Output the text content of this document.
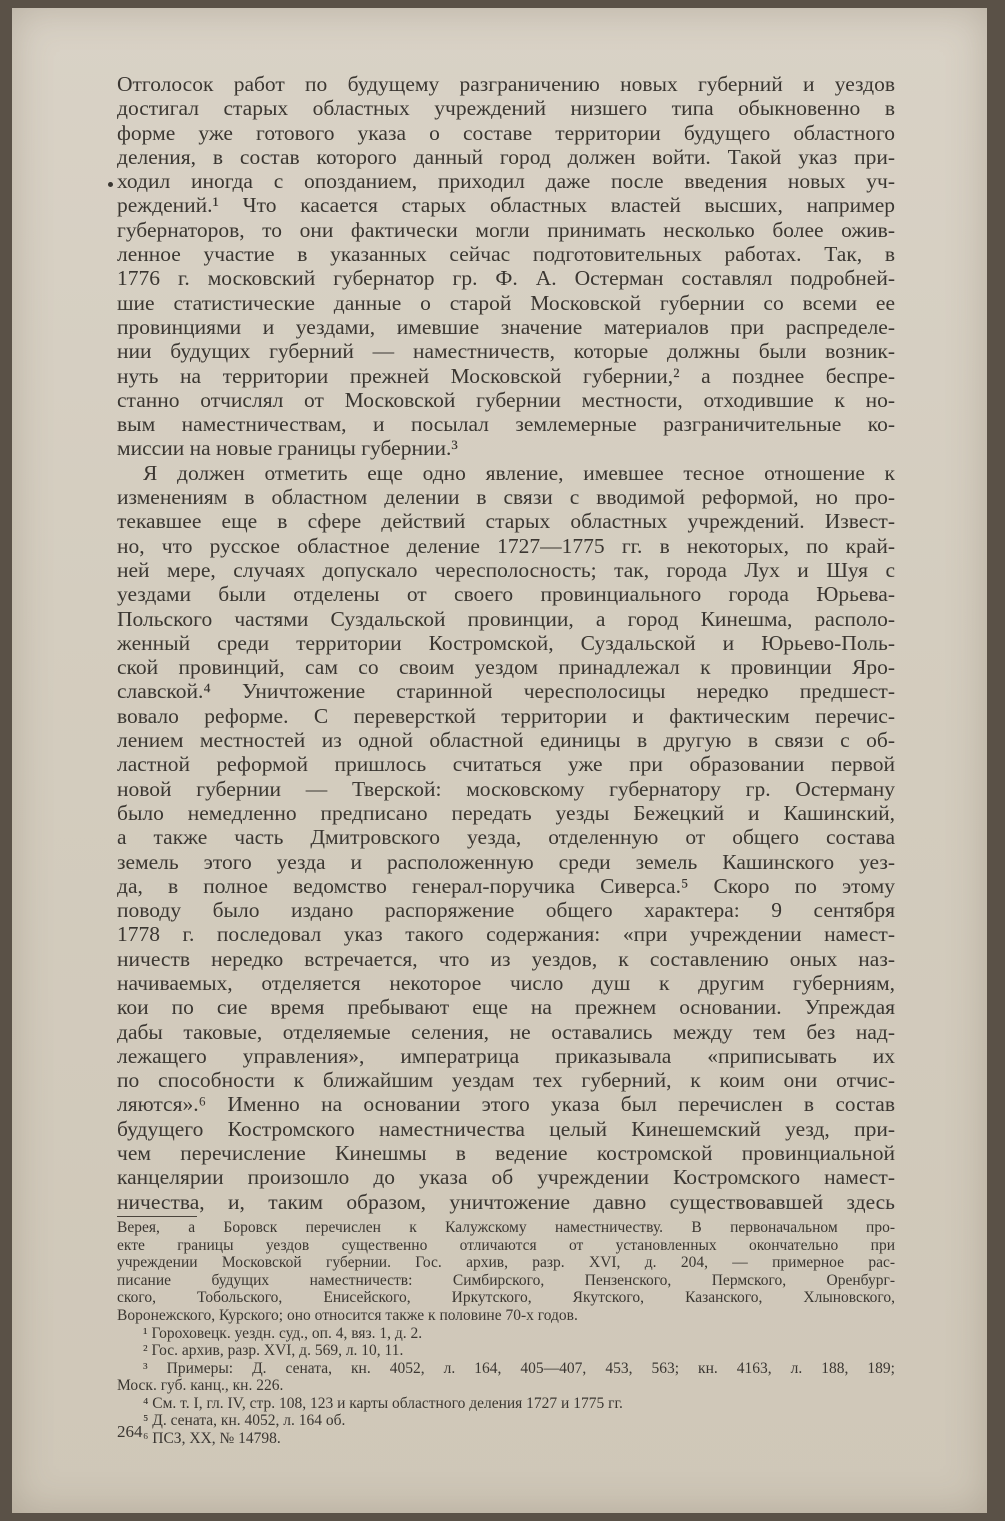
Отголосок работ по будущему разграничению новых губерний и уездов
достигал старых областных учреждений низшего типа обыкновенно в
форме уже готового указа о составе территории будущего областного
деления, в состав которого данный город должен войти. Такой указ при-
ходил иногда с опозданием, приходил даже после введения новых уч-
реждений.¹ Что касается старых областных властей высших, например
губернаторов, то они фактически могли принимать несколько более ожив-
ленное участие в указанных сейчас подготовительных работах. Так, в
1776 г. московский губернатор гр. Ф. А. Остерман составлял подробней-
шие статистические данные о старой Московской губернии со всеми ее
провинциями и уездами, имевшие значение материалов при распределе-
нии будущих губерний — наместничеств, которые должны были возник-
нуть на территории прежней Московской губернии,² а позднее беспре-
станно отчислял от Московской губернии местности, отходившие к но-
вым наместничествам, и посылал землемерные разграничительные ко-
миссии на новые границы губернии.³
Я должен отметить еще одно явление, имевшее тесное отношение к
изменениям в областном делении в связи с вводимой реформой, но про-
текавшее еще в сфере действий старых областных учреждений. Извест-
но, что русское областное деление 1727—1775 гг. в некоторых, по край-
ней мере, случаях допускало чересполосность; так, города Лух и Шуя с
уездами были отделены от своего провинциального города Юрьева-
Польского частями Суздальской провинции, а город Кинешма, располо-
женный среди территории Костромской, Суздальской и Юрьево-Поль-
ской провинций, сам со своим уездом принадлежал к провинции Яро-
славской.⁴ Уничтожение старинной чересполосицы нередко предшест-
вовало реформе. С переверсткой территории и фактическим перечис-
лением местностей из одной областной единицы в другую в связи с об-
ластной реформой пришлось считаться уже при образовании первой
новой губернии — Тверской: московскому губернатору гр. Остерману
было немедленно предписано передать уезды Бежецкий и Кашинский,
а также часть Дмитровского уезда, отделенную от общего состава
земель этого уезда и расположенную среди земель Кашинского уез-
да, в полное ведомство генерал-поручика Сиверса.⁵ Скоро по этому
поводу было издано распоряжение общего характера: 9 сентября
1778 г. последовал указ такого содержания: «при учреждении намест-
ничеств нередко встречается, что из уездов, к составлению оных наз-
начиваемых, отделяется некоторое число душ к другим губерниям,
кои по сие время пребывают еще на прежнем основании. Упреждая
дабы таковые, отделяемые селения, не оставались между тем без над-
лежащего управления», императрица приказывала «приписывать их
по способности к ближайшим уездам тех губерний, к коим они отчис-
ляются».⁶ Именно на основании этого указа был перечислен в состав
будущего Костромского наместничества целый Кинешемский уезд, при-
чем перечисление Кинешмы в ведение костромской провинциальной
канцелярии произошло до указа об учреждении Костромского намест-
ничества, и, таким образом, уничтожение давно существовавшей здесь
Верея, а Боровск перечислен к Калужскому наместничеству. В первоначальном про-
екте границы уездов существенно отличаются от установленных окончательно при
учреждении Московской губернии. Гос. архив, разр. XVI, д. 204, — примерное рас-
писание будущих наместничеств: Симбирского, Пензенского, Пермского, Оренбург-
ского, Тобольского, Енисейского, Иркутского, Якутского, Казанского, Хлыновского,
Воронежского, Курского; оно относится также к половине 70-х годов.
¹ Гороховецк. уездн. суд., оп. 4, вяз. 1, д. 2.
² Гос. архив, разр. XVI, д. 569, л. 10, 11.
³ Примеры: Д. сената, кн. 4052, л. 164, 405—407, 453, 563; кн. 4163, л. 188, 189;
Моск. губ. канц., кн. 226.
⁴ См. т. I, гл. IV, стр. 108, 123 и карты областного деления 1727 и 1775 гг.
⁵ Д. сената, кн. 4052, л. 164 об.
⁶ ПСЗ, XX, № 14798.
264
